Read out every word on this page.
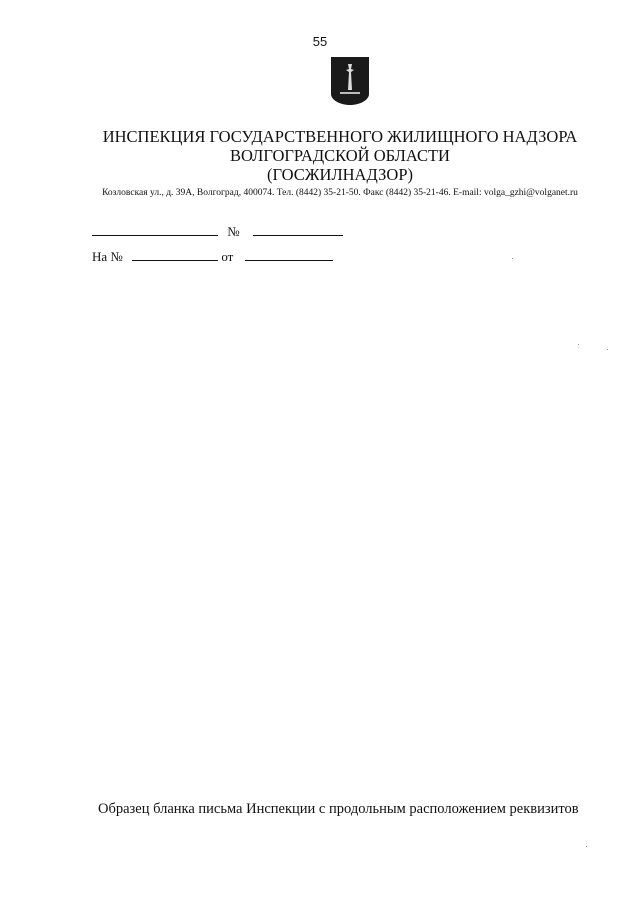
55
ИНСПЕКЦИЯ ГОСУДАРСТВЕННОГО ЖИЛИЩНОГО НАДЗОРА
ВОЛГОГРАДСКОЙ ОБЛАСТИ
(ГОСЖИЛНАДЗОР)
Козловская ул., д. 39А, Волгоград, 400074. Тел. (8442) 35-21-50. Факс (8442) 35-21-46. E-mail: volga_gzhi@volganet.ru
№
На №	от
Образец бланка письма Инспекции с продольным расположением реквизитов
